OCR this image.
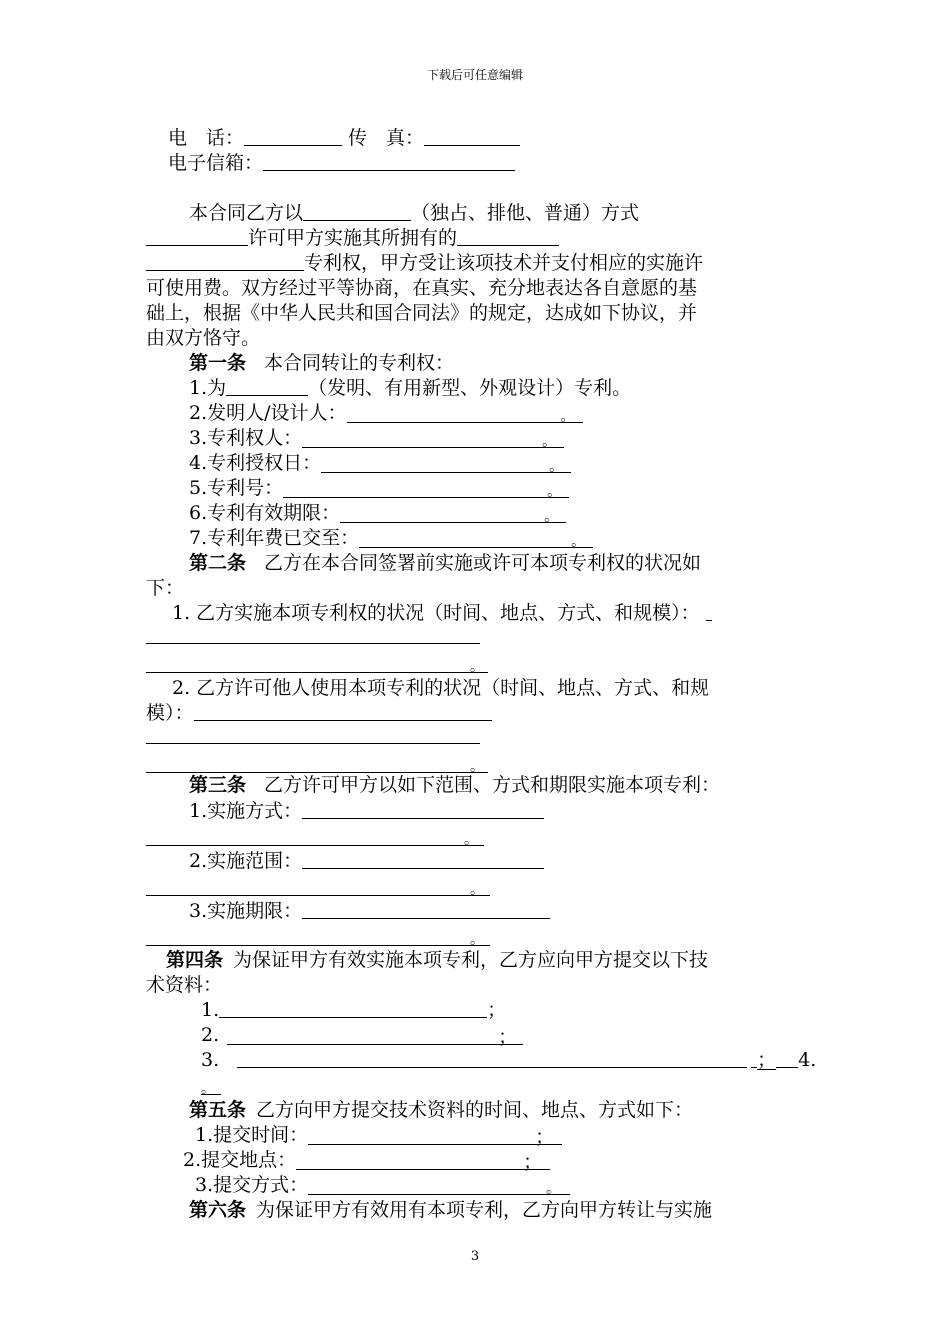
下载后可任意编辑
电　话：	传　真：
电子信箱：
本合同乙方以	（独占、排他、普通）方式
许可甲方实施其所拥有的
专利权，甲方受让该项技术并支付相应的实施许
可使用费。双方经过平等协商，在真实、充分地表达各自意愿的基
础上，根据《中华人民共和国合同法》的规定，达成如下协议，并
由双方恪守。
第一条 本合同转让的专利权：
1.为	（发明、有用新型、外观设计）专利。
2.发明人/设计人：	。
3.专利权人：	。
4.专利授权日：	。
5.专利号：	。
6.专利有效期限：	。
7.专利年费已交至：	。
第二条 乙方在本合同签署前实施或许可本项专利权的状况如
下：
1. 乙方实施本项专利权的状况（时间、地点、方式、和规模）：
。
2. 乙方许可他人使用本项专利的状况（时间、地点、方式、和规
模）：
。
第三条 乙方许可甲方以如下范围、方式和期限实施本项专利：
1.实施方式：
。
2.实施范围：
。
3.实施期限：
。
第四条 为保证甲方有效实施本项专利，乙方应向甲方提交以下技
术资料：
1.	；
2.	；
3.	； 4.
。
第五条 乙方向甲方提交技术资料的时间、地点、方式如下：
1.提交时间：	；
2.提交地点：	；
3.提交方式：	。
第六条 为保证甲方有效用有本项专利，乙方向甲方转让与实施
3
